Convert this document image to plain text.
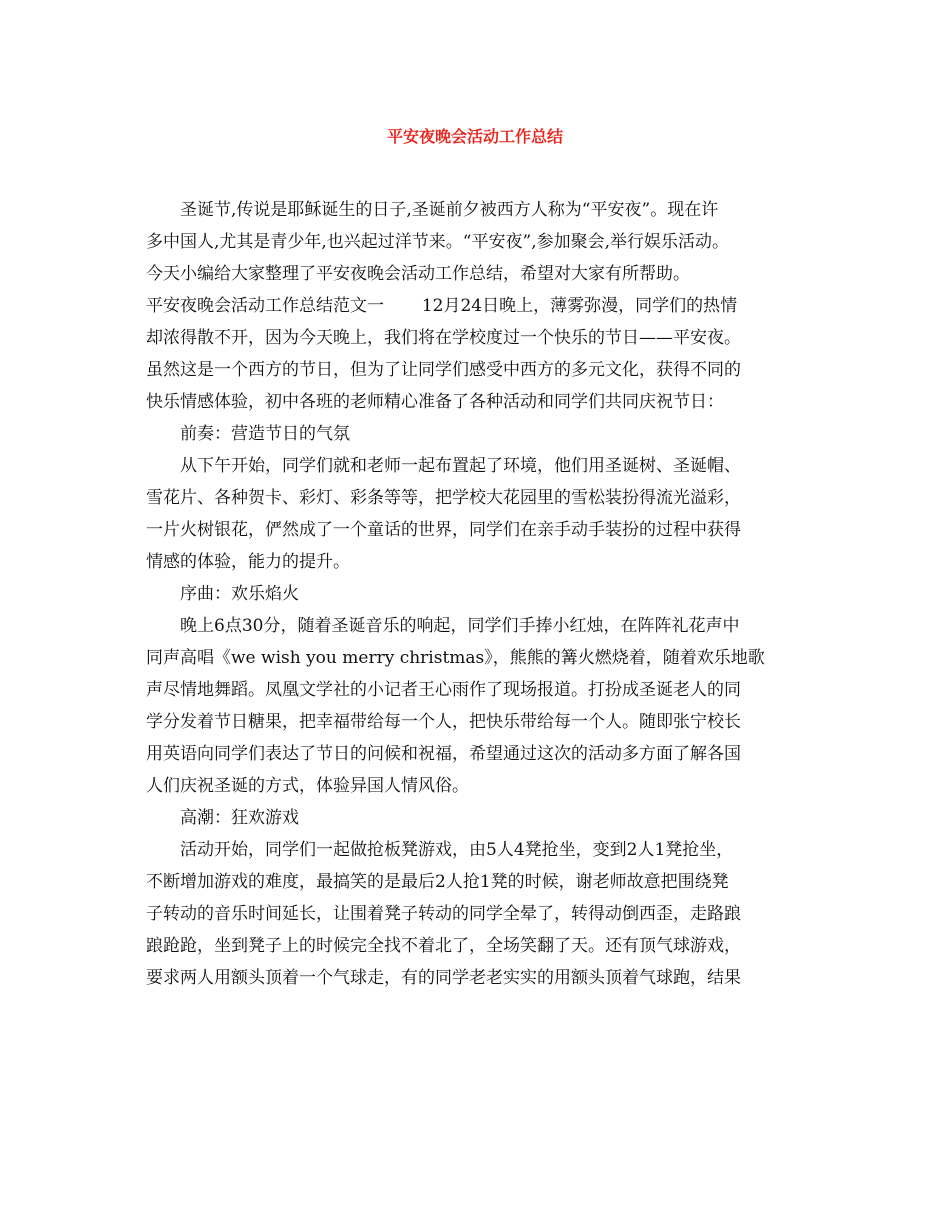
平安夜晚会活动工作总结
圣诞节,传说是耶稣诞生的日子,圣诞前夕被西方人称为“平安夜”。现在许
多中国人,尤其是青少年,也兴起过洋节来。“平安夜”,参加聚会,举行娱乐活动。
今天小编给大家整理了平安夜晚会活动工作总结，希望对大家有所帮助。
平安夜晚会活动工作总结范文一       12月24日晚上，薄雾弥漫，同学们的热情
却浓得散不开，因为今天晚上，我们将在学校度过一个快乐的节日——平安夜。
虽然这是一个西方的节日，但为了让同学们感受中西方的多元文化，获得不同的
快乐情感体验，初中各班的老师精心准备了各种活动和同学们共同庆祝节日：
前奏：营造节日的气氛
从下午开始，同学们就和老师一起布置起了环境，他们用圣诞树、圣诞帽、
雪花片、各种贺卡、彩灯、彩条等等，把学校大花园里的雪松装扮得流光溢彩，
一片火树银花，俨然成了一个童话的世界，同学们在亲手动手装扮的过程中获得
情感的体验，能力的提升。
序曲：欢乐焰火
晚上6点30分，随着圣诞音乐的响起，同学们手捧小红烛，在阵阵礼花声中
同声高唱《we wish you merry christmas》，熊熊的篝火燃烧着，随着欢乐地歌
声尽情地舞蹈。凤凰文学社的小记者王心雨作了现场报道。打扮成圣诞老人的同
学分发着节日糖果，把幸福带给每一个人，把快乐带给每一个人。随即张宁校长
用英语向同学们表达了节日的问候和祝福，希望通过这次的活动多方面了解各国
人们庆祝圣诞的方式，体验异国人情风俗。
高潮：狂欢游戏
活动开始，同学们一起做抢板凳游戏，由5人4凳抢坐，变到2人1凳抢坐，
不断增加游戏的难度，最搞笑的是最后2人抢1凳的时候，谢老师故意把围绕凳
子转动的音乐时间延长，让围着凳子转动的同学全晕了，转得动倒西歪，走路踉
踉跄跄，坐到凳子上的时候完全找不着北了，全场笑翻了天。还有顶气球游戏，
要求两人用额头顶着一个气球走，有的同学老老实实的用额头顶着气球跑，结果
